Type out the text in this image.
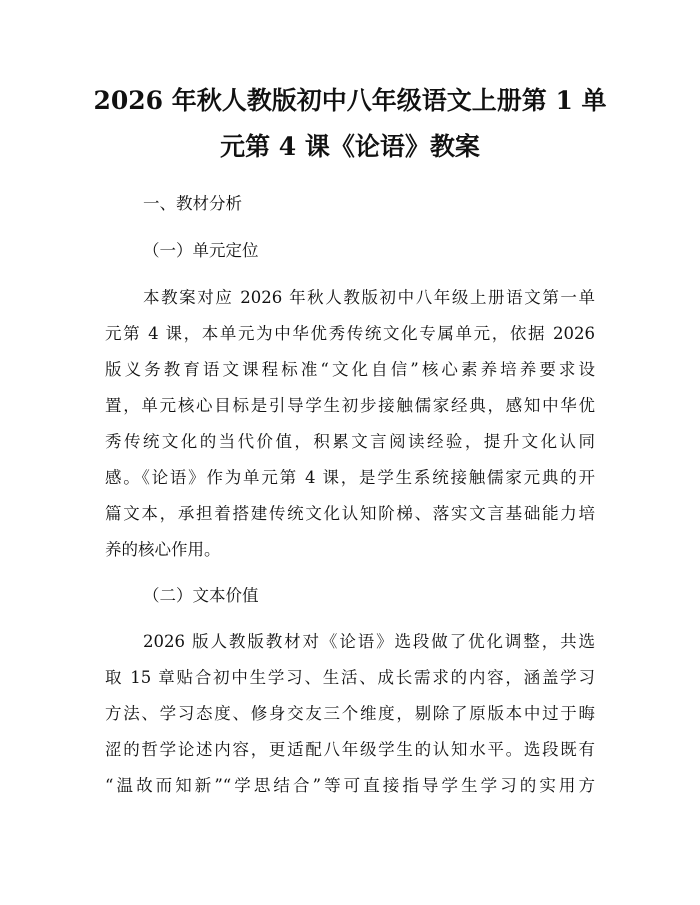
2026 年秋人教版初中八年级语文上册第 1 单
元第 4 课《论语》教案
一、教材分析
（一）单元定位
本教案对应 2026 年秋人教版初中八年级上册语文第一单
元第 4 课，本单元为中华优秀传统文化专属单元，依据 2026
版义务教育语文课程标准“文化自信”核心素养培养要求设
置，单元核心目标是引导学生初步接触儒家经典，感知中华优
秀传统文化的当代价值，积累文言阅读经验，提升文化认同
感。《论语》作为单元第 4 课，是学生系统接触儒家元典的开
篇文本，承担着搭建传统文化认知阶梯、落实文言基础能力培
养的核心作用。
（二）文本价值
2026 版人教版教材对《论语》选段做了优化调整，共选
取 15 章贴合初中生学习、生活、成长需求的内容，涵盖学习
方法、学习态度、修身交友三个维度，剔除了原版本中过于晦
涩的哲学论述内容，更适配八年级学生的认知水平。选段既有
“温故而知新”“学思结合”等可直接指导学生学习的实用方
